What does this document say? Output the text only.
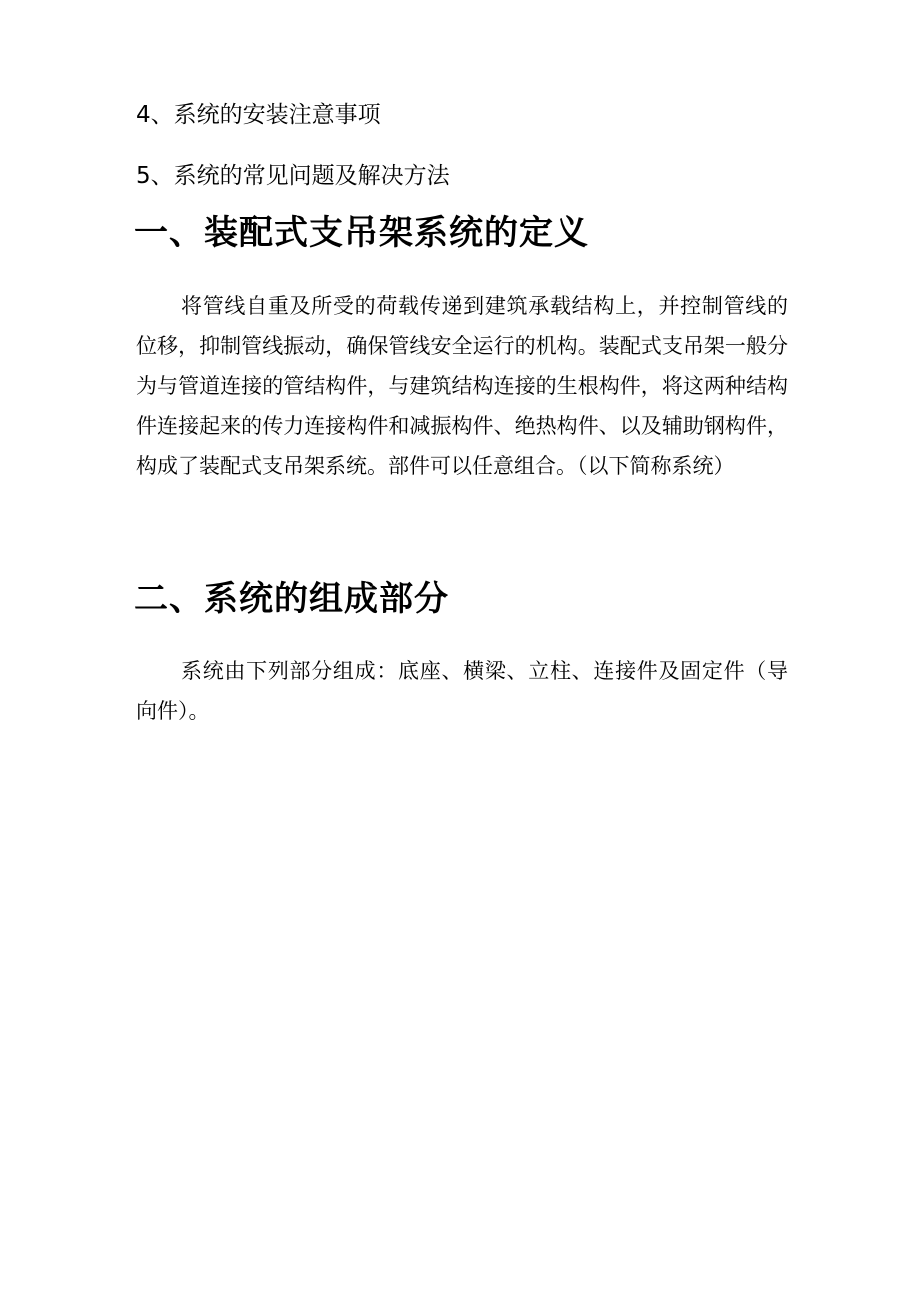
4、系统的安装注意事项
5、系统的常见问题及解决方法
一、装配式支吊架系统的定义
将管线自重及所受的荷载传递到建筑承载结构上，并控制管线的位移，抑制管线振动，确保管线安全运行的机构。装配式支吊架一般分为与管道连接的管结构件，与建筑结构连接的生根构件，将这两种结构件连接起来的传力连接构件和减振构件、绝热构件、以及辅助钢构件，构成了装配式支吊架系统。部件可以任意组合。（以下简称系统）
二、系统的组成部分
系统由下列部分组成：底座、横梁、立柱、连接件及固定件（导向件）。
